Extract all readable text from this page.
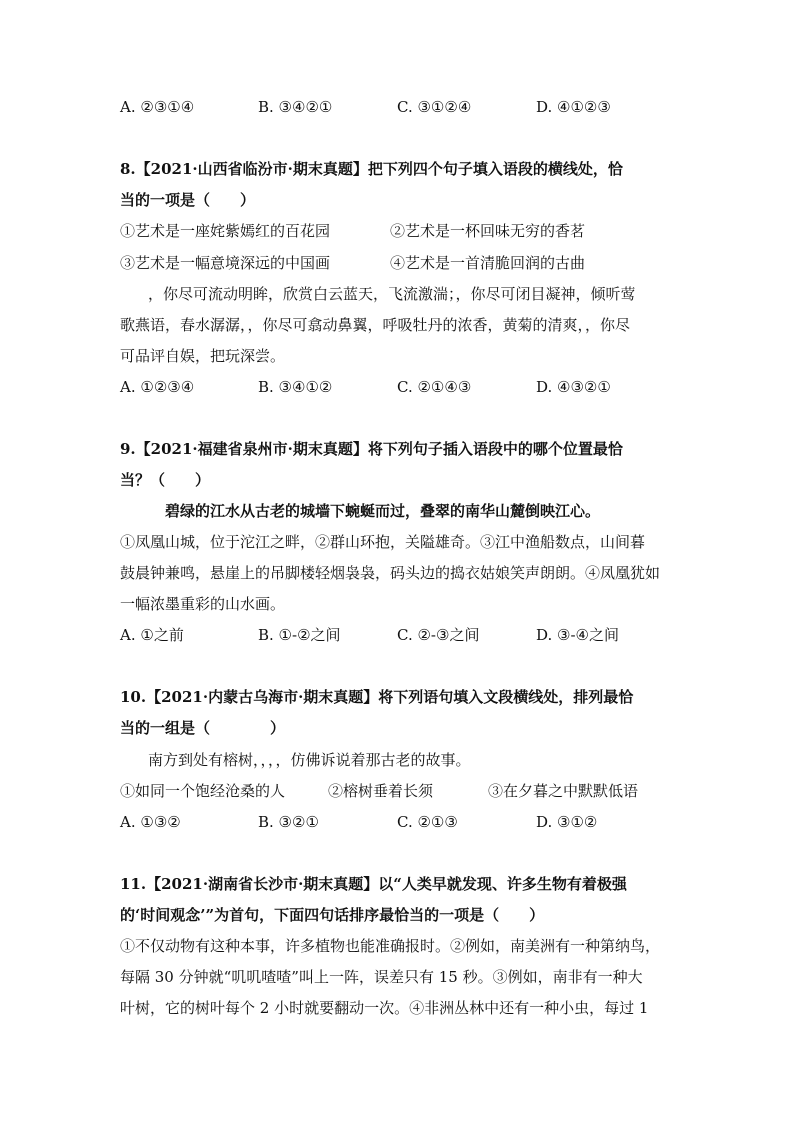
A. ②③①④	B. ③④②①	C. ③①②④	D. ④①②③
8.【2021·山西省临汾市·期末真题】把下列四个句子填入语段的横线处，恰
当的一项是（　　）
①艺术是一座姹紫嫣红的百花园	②艺术是一杯回味无穷的香茗
③艺术是一幅意境深远的中国画	④艺术是一首清脆回润的古曲
，你尽可流动明眸，欣赏白云蓝天，飞流激湍；，你尽可闭目凝神，倾听莺
歌燕语，春水潺潺，，你尽可翕动鼻翼，呼吸牡丹的浓香，黄菊的清爽，，你尽
可品评自娱，把玩深尝。
A. ①②③④	B. ③④①②	C. ②①④③	D. ④③②①
9.【2021·福建省泉州市·期末真题】将下列句子插入语段中的哪个位置最恰
当？（　　）
碧绿的江水从古老的城墙下蜿蜒而过，叠翠的南华山麓倒映江心。
①凤凰山城，位于沱江之畔，②群山环抱，关隘雄奇。③江中渔船数点，山间暮
鼓晨钟兼鸣，悬崖上的吊脚楼轻烟袅袅，码头边的捣衣姑娘笑声朗朗。④凤凰犹如
一幅浓墨重彩的山水画。
A. ①之前	B. ①-②之间	C. ②-③之间	D. ③-④之间
10.【2021·内蒙古乌海市·期末真题】将下列语句填入文段横线处，排列最恰
当的一组是（　　　　）
南方到处有榕树，，，，仿佛诉说着那古老的故事。
①如同一个饱经沧桑的人	②榕树垂着长须	③在夕暮之中默默低语
A. ①③②	B. ③②①	C. ②①③	D. ③①②
11.【2021·湖南省长沙市·期末真题】以“人类早就发现、许多生物有着极强
的‘时间观念’”为首句，下面四句话排序最恰当的一项是（　　）
①不仅动物有这种本事，许多植物也能准确报时。②例如，南美洲有一种第纳鸟，
每隔 30 分钟就“叽叽喳喳”叫上一阵，误差只有 15 秒。③例如，南非有一种大
叶树，它的树叶每个 2 小时就要翻动一次。④非洲丛林中还有一种小虫，每过 1
